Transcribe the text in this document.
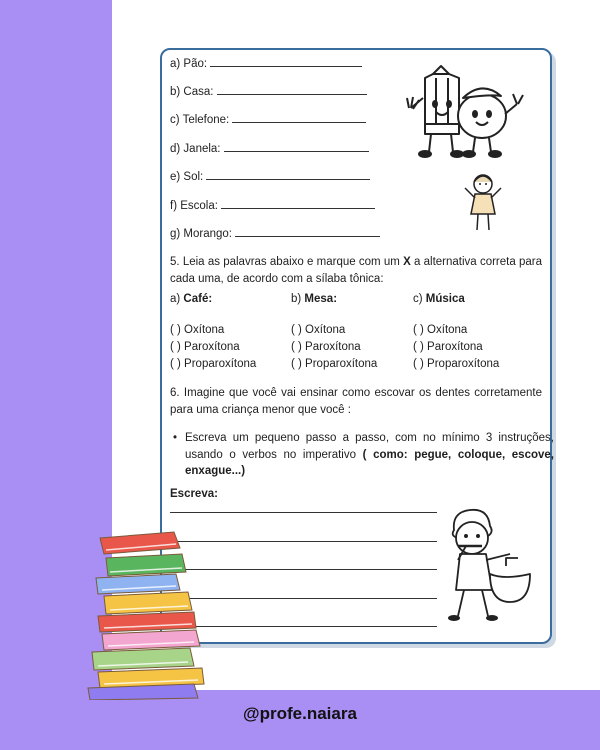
a) Pão:
b) Casa:
c) Telefone:
d) Janela:
e) Sol:
f) Escola:
g) Morango:
5. Leia as palavras abaixo e marque com um X a alternativa correta para cada uma, de acordo com a sílaba tônica:
a) Café:	b) Mesa:	c) Música
( ) Oxítona
( ) Paroxítona
( ) Proparoxítona
( ) Oxítona
( ) Paroxítona
( ) Proparoxítona
( ) Oxítona
( ) Paroxítona
( ) Proparoxítona
6. Imagine que você vai ensinar como escovar os dentes corretamente para uma criança menor que você :
• Escreva um pequeno passo a passo, com no mínimo 3 instruções, usando o verbos no imperativo ( como: pegue, coloque, escove, enxague...)
Escreva:
@profe.naiara
